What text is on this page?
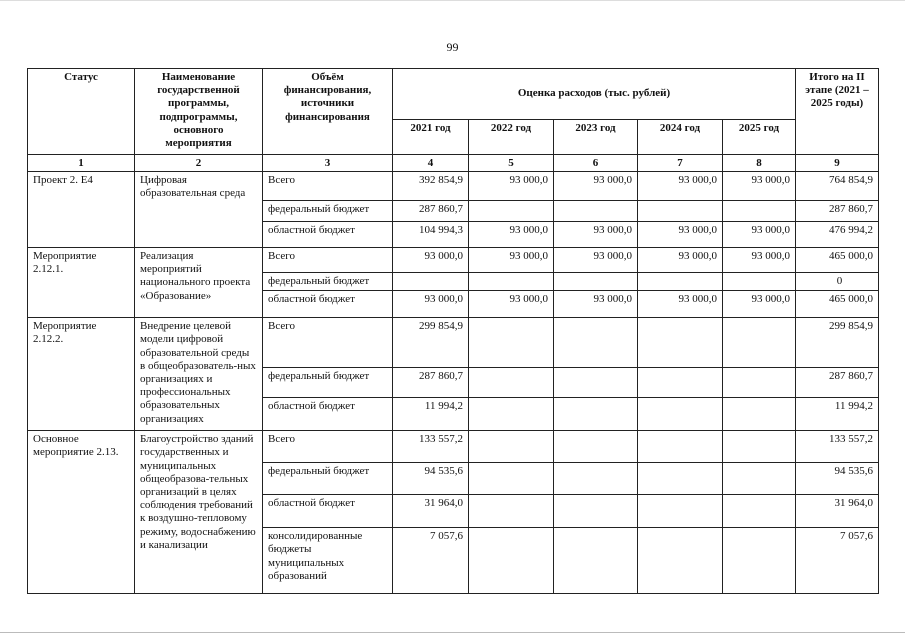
99
Статус	Наименование государственной программы, подпрограммы, основного мероприятия	Объём финансирования, источники финансирования	Оценка расходов (тыс. рублей)					Итого на II этапе (2021 – 2025 годы)
			2021 год	2022 год	2023 год	2024 год	2025 год	
1	2	3	4	5	6	7	8	9
Проект 2. Е4	Цифровая образовательная среда	Всего	392 854,9	93 000,0	93 000,0	93 000,0	93 000,0	764 854,9
		федеральный бюджет	287 860,7					287 860,7
		областной бюджет	104 994,3	93 000,0	93 000,0	93 000,0	93 000,0	476 994,2
Мероприятие 2.12.1.	Реализация мероприятий национального проекта «Образование»	Всего	93 000,0	93 000,0	93 000,0	93 000,0	93 000,0	465 000,0
		федеральный бюджет						0
		областной бюджет	93 000,0	93 000,0	93 000,0	93 000,0	93 000,0	465 000,0
Мероприятие 2.12.2.	Внедрение целевой модели цифровой образовательной среды в общеобразователь-ных организациях и профессиональных образовательных организациях	Всего	299 854,9					299 854,9
		федеральный бюджет	287 860,7					287 860,7
		областной бюджет	11 994,2					11 994,2
Основное мероприятие 2.13.	Благоустройство зданий государственных и муниципальных общеобразова-тельных организаций в целях соблюдения требований к воздушно-тепловому режиму, водоснабжению и канализации	Всего	133 557,2					133 557,2
		федеральный бюджет	94 535,6					94 535,6
		областной бюджет	31 964,0					31 964,0
		консолидированные бюджеты муниципальных образований	7 057,6					7 057,6
